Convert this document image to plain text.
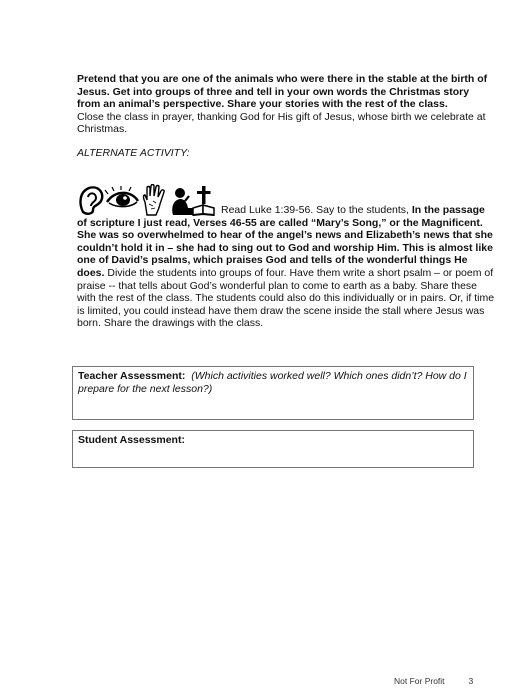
Pretend that you are one of the animals who were there in the stable at the birth of Jesus. Get into groups of three and tell in your own words the Christmas story from an animal’s perspective. Share your stories with the rest of the class.
Close the class in prayer, thanking God for His gift of Jesus, whose birth we celebrate at Christmas.
ALTERNATE ACTIVITY:
Read Luke 1:39-56. Say to the students, In the passage of scripture I just read, Verses 46-55 are called “Mary’s Song,” or the Magnificent. She was so overwhelmed to hear of the angel’s news and Elizabeth’s news that she couldn’t hold it in – she had to sing out to God and worship Him. This is almost like one of David’s psalms, which praises God and tells of the wonderful things He does. Divide the students into groups of four. Have them write a short psalm – or poem of praise -- that tells about God’s wonderful plan to come to earth as a baby. Share these with the rest of the class. The students could also do this individually or in pairs. Or, if time is limited, you could instead have them draw the scene inside the stall where Jesus was born. Share the drawings with the class.
Teacher Assessment: (Which activities worked well? Which ones didn’t? How do I prepare for the next lesson?)
Student Assessment:
Not For Profit	3
